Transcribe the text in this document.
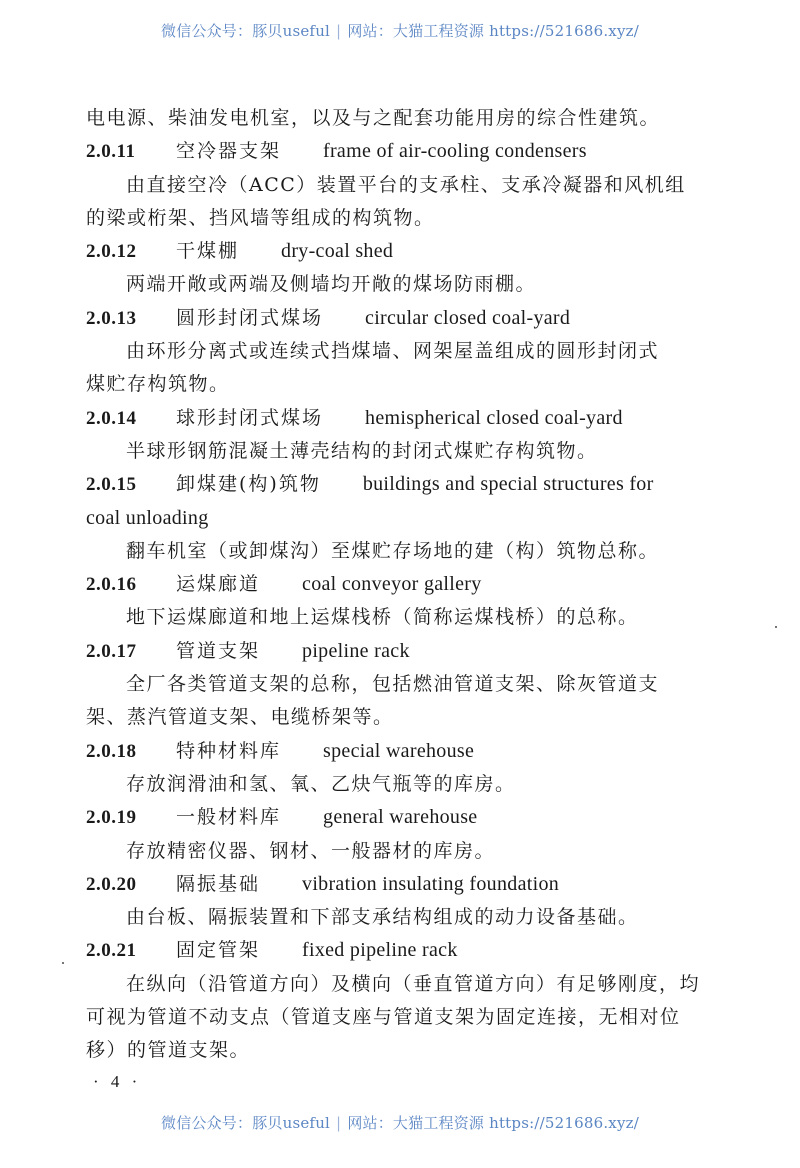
微信公众号：豚贝useful | 网站：大猫工程资源 https://521686.xyz/
电电源、柴油发电机室，以及与之配套功能用房的综合性建筑。
2.0.11 空冷器支架 frame of air-cooling condensers
由直接空冷（ACC）装置平台的支承柱、支承冷凝器和风机组
的梁或桁架、挡风墙等组成的构筑物。
2.0.12 干煤棚 dry-coal shed
两端开敞或两端及侧墙均开敞的煤场防雨棚。
2.0.13 圆形封闭式煤场 circular closed coal-yard
由环形分离式或连续式挡煤墙、网架屋盖组成的圆形封闭式
煤贮存构筑物。
2.0.14 球形封闭式煤场 hemispherical closed coal-yard
半球形钢筋混凝土薄壳结构的封闭式煤贮存构筑物。
2.0.15 卸煤建(构)筑物 buildings and special structures for
coal unloading
翻车机室（或卸煤沟）至煤贮存场地的建（构）筑物总称。
2.0.16 运煤廊道 coal conveyor gallery
地下运煤廊道和地上运煤栈桥（简称运煤栈桥）的总称。
2.0.17 管道支架 pipeline rack
全厂各类管道支架的总称，包括燃油管道支架、除灰管道支
架、蒸汽管道支架、电缆桥架等。
2.0.18 特种材料库 special warehouse
存放润滑油和氢、氧、乙炔气瓶等的库房。
2.0.19 一般材料库 general warehouse
存放精密仪器、钢材、一般器材的库房。
2.0.20 隔振基础 vibration insulating foundation
由台板、隔振装置和下部支承结构组成的动力设备基础。
2.0.21 固定管架 fixed pipeline rack
在纵向（沿管道方向）及横向（垂直管道方向）有足够刚度，均
可视为管道不动支点（管道支座与管道支架为固定连接，无相对位
移）的管道支架。
· 4 ·
微信公众号：豚贝useful | 网站：大猫工程资源 https://521686.xyz/
